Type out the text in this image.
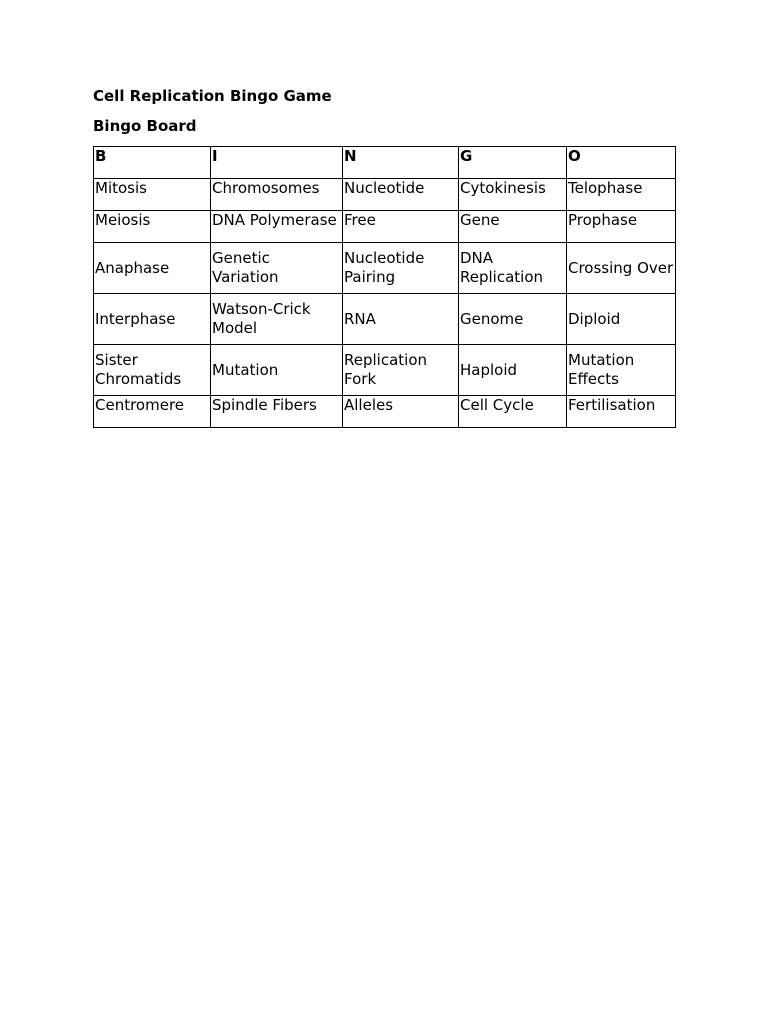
Cell Replication Bingo Game
Bingo Board
B	I	N	G	O
Mitosis	Chromosomes	Nucleotide	Cytokinesis	Telophase
Meiosis	DNA Polymerase	Free	Gene	Prophase
Anaphase	Genetic Variation	Nucleotide Pairing	DNA Replication	Crossing Over
Interphase	Watson-Crick Model	RNA	Genome	Diploid
Sister Chromatids	Mutation	Replication Fork	Haploid	Mutation Effects
Centromere	Spindle Fibers	Alleles	Cell Cycle	Fertilisation
